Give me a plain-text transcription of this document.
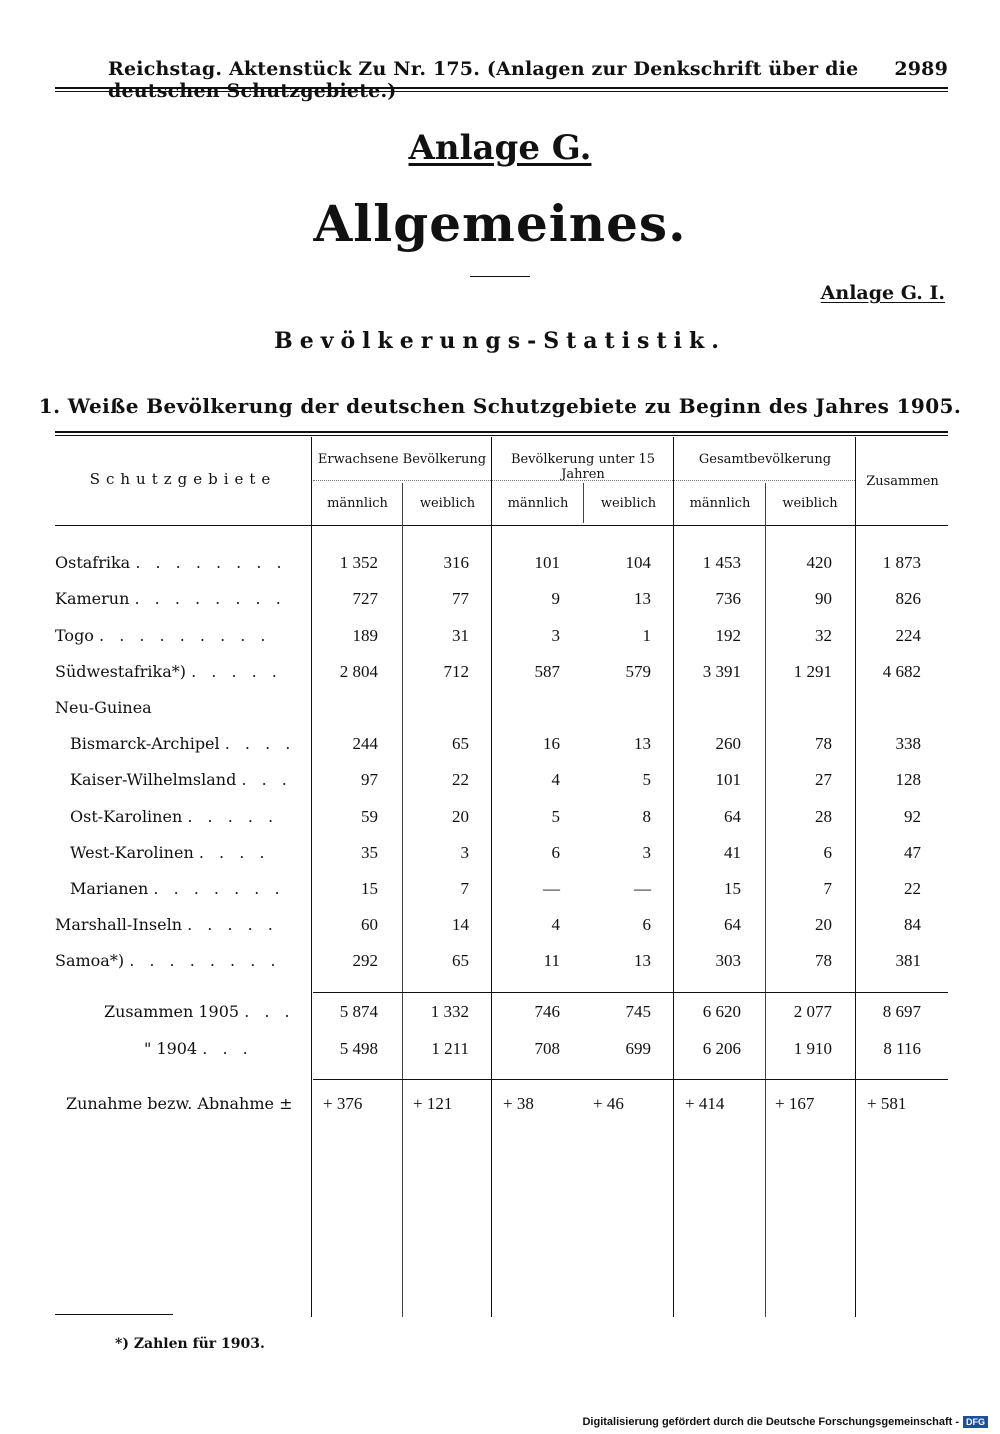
Reichstag. Aktenstück Zu Nr. 175. (Anlagen zur Denkschrift über die deutschen Schutzgebiete.)
2989
Anlage G.
Allgemeines.
Anlage G. I.
Bevölkerungs-Statistik.
1. Weiße Bevölkerung der deutschen Schutzgebiete zu Beginn des Jahres 1905.
Schutzgebiete
Erwachsene Bevölkerung	Bevölkerung unter 15 Jahren
Gesamtbevölkerung
Zusammen
männlich	weiblich	männlich	weiblich	männlich	weiblich
Ostafrika . . . . . . . .	1 352	316	101	104	1 453	420	1 873
Kamerun . . . . . . . .	727	77	9	13	736	90	826
Togo . . . . . . . . .	189	31	3	1	192	32	224
Südwestafrika*) . . . . .	2 804	712	587	579	3 391	1 291	4 682
Neu-Guinea
Bismarck-Archipel . . . .	244	65	16	13	260	78	338
Kaiser-Wilhelmsland . . .	97	22	4	5	101	27	128
Ost-Karolinen . . . . .	59	20	5	8	64	28	92
West-Karolinen . . . .	35	3	6	3	41	6	47
Marianen . . . . . . .	15	7	—	—	15	7	22
Marshall-Inseln . . . . .	60	14	4	6	64	20	84
Samoa*) . . . . . . . .	292	65	11	13	303	78	381
Zusammen 1905 . . .	5 874	1 332	746	745	6 620	2 077	8 697
" 1904 . . .	5 498	1 211	708	699	6 206	1 910	8 116
Zunahme bezw. Abnahme ±	+ 376	+ 121	+ 38	+ 46	+ 414	+ 167	+ 581
*) Zahlen für 1903.
Digitalisierung gefördert durch die Deutsche Forschungsgemeinschaft - DFG
